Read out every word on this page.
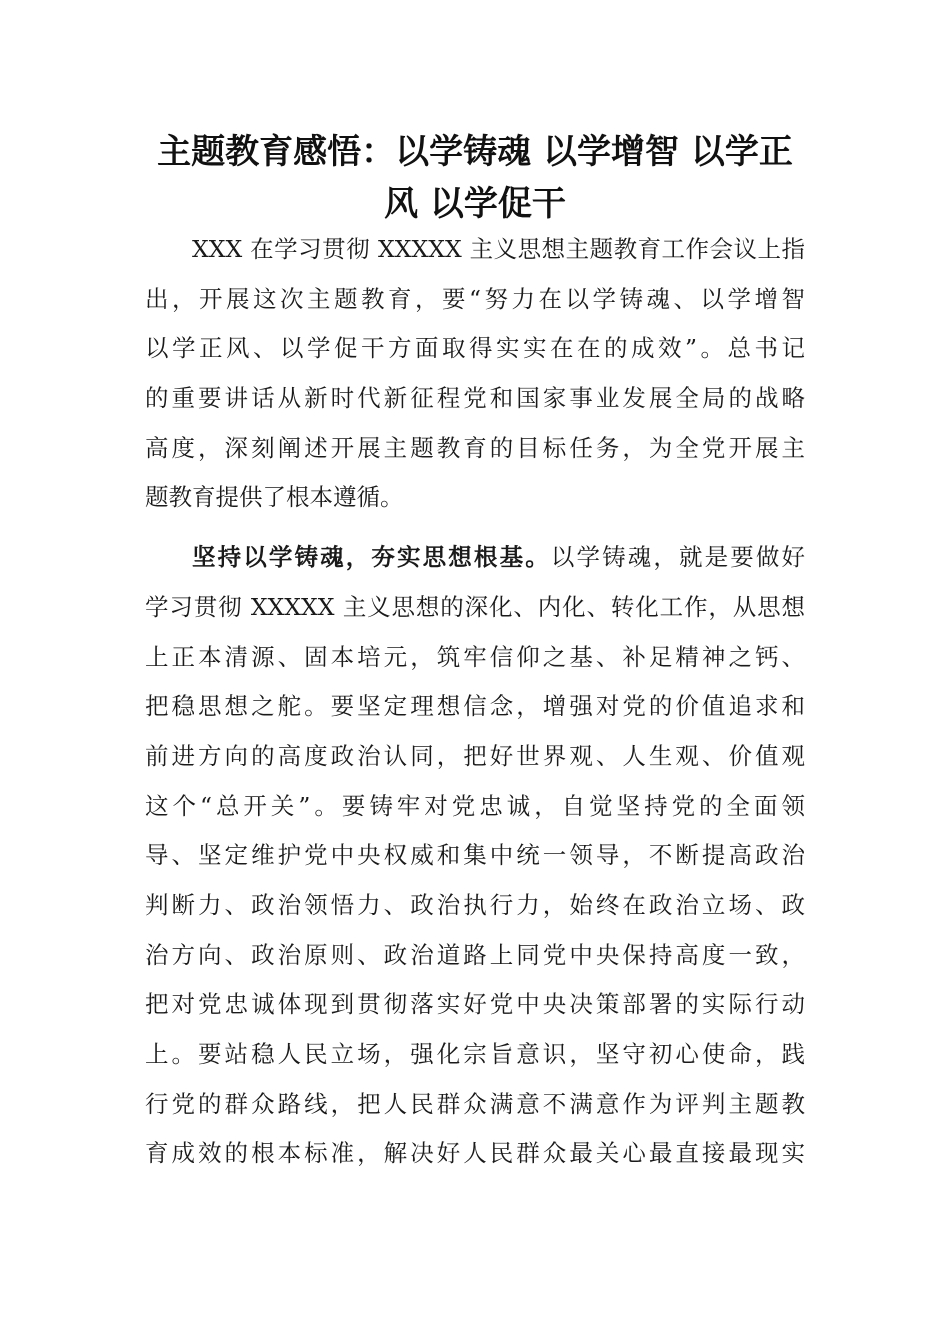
主题教育感悟：以学铸魂 以学增智 以学正
风 以学促干
XXX 在学习贯彻 XXXXX 主义思想主题教育工作会议上指
出，开展这次主题教育，要“努力在以学铸魂、以学增智
以学正风、以学促干方面取得实实在在的成效”。总书记
的重要讲话从新时代新征程党和国家事业发展全局的战略
高度，深刻阐述开展主题教育的目标任务，为全党开展主
题教育提供了根本遵循。
坚持以学铸魂，夯实思想根基。以学铸魂，就是要做好
学习贯彻 XXXXX 主义思想的深化、内化、转化工作，从思想
上正本清源、固本培元，筑牢信仰之基、补足精神之钙、
把稳思想之舵。要坚定理想信念，增强对党的价值追求和
前进方向的高度政治认同，把好世界观、人生观、价值观
这个“总开关”。要铸牢对党忠诚，自觉坚持党的全面领
导、坚定维护党中央权威和集中统一领导，不断提高政治
判断力、政治领悟力、政治执行力，始终在政治立场、政
治方向、政治原则、政治道路上同党中央保持高度一致，
把对党忠诚体现到贯彻落实好党中央决策部署的实际行动
上。要站稳人民立场，强化宗旨意识，坚守初心使命，践
行党的群众路线，把人民群众满意不满意作为评判主题教
育成效的根本标准，解决好人民群众最关心最直接最现实
